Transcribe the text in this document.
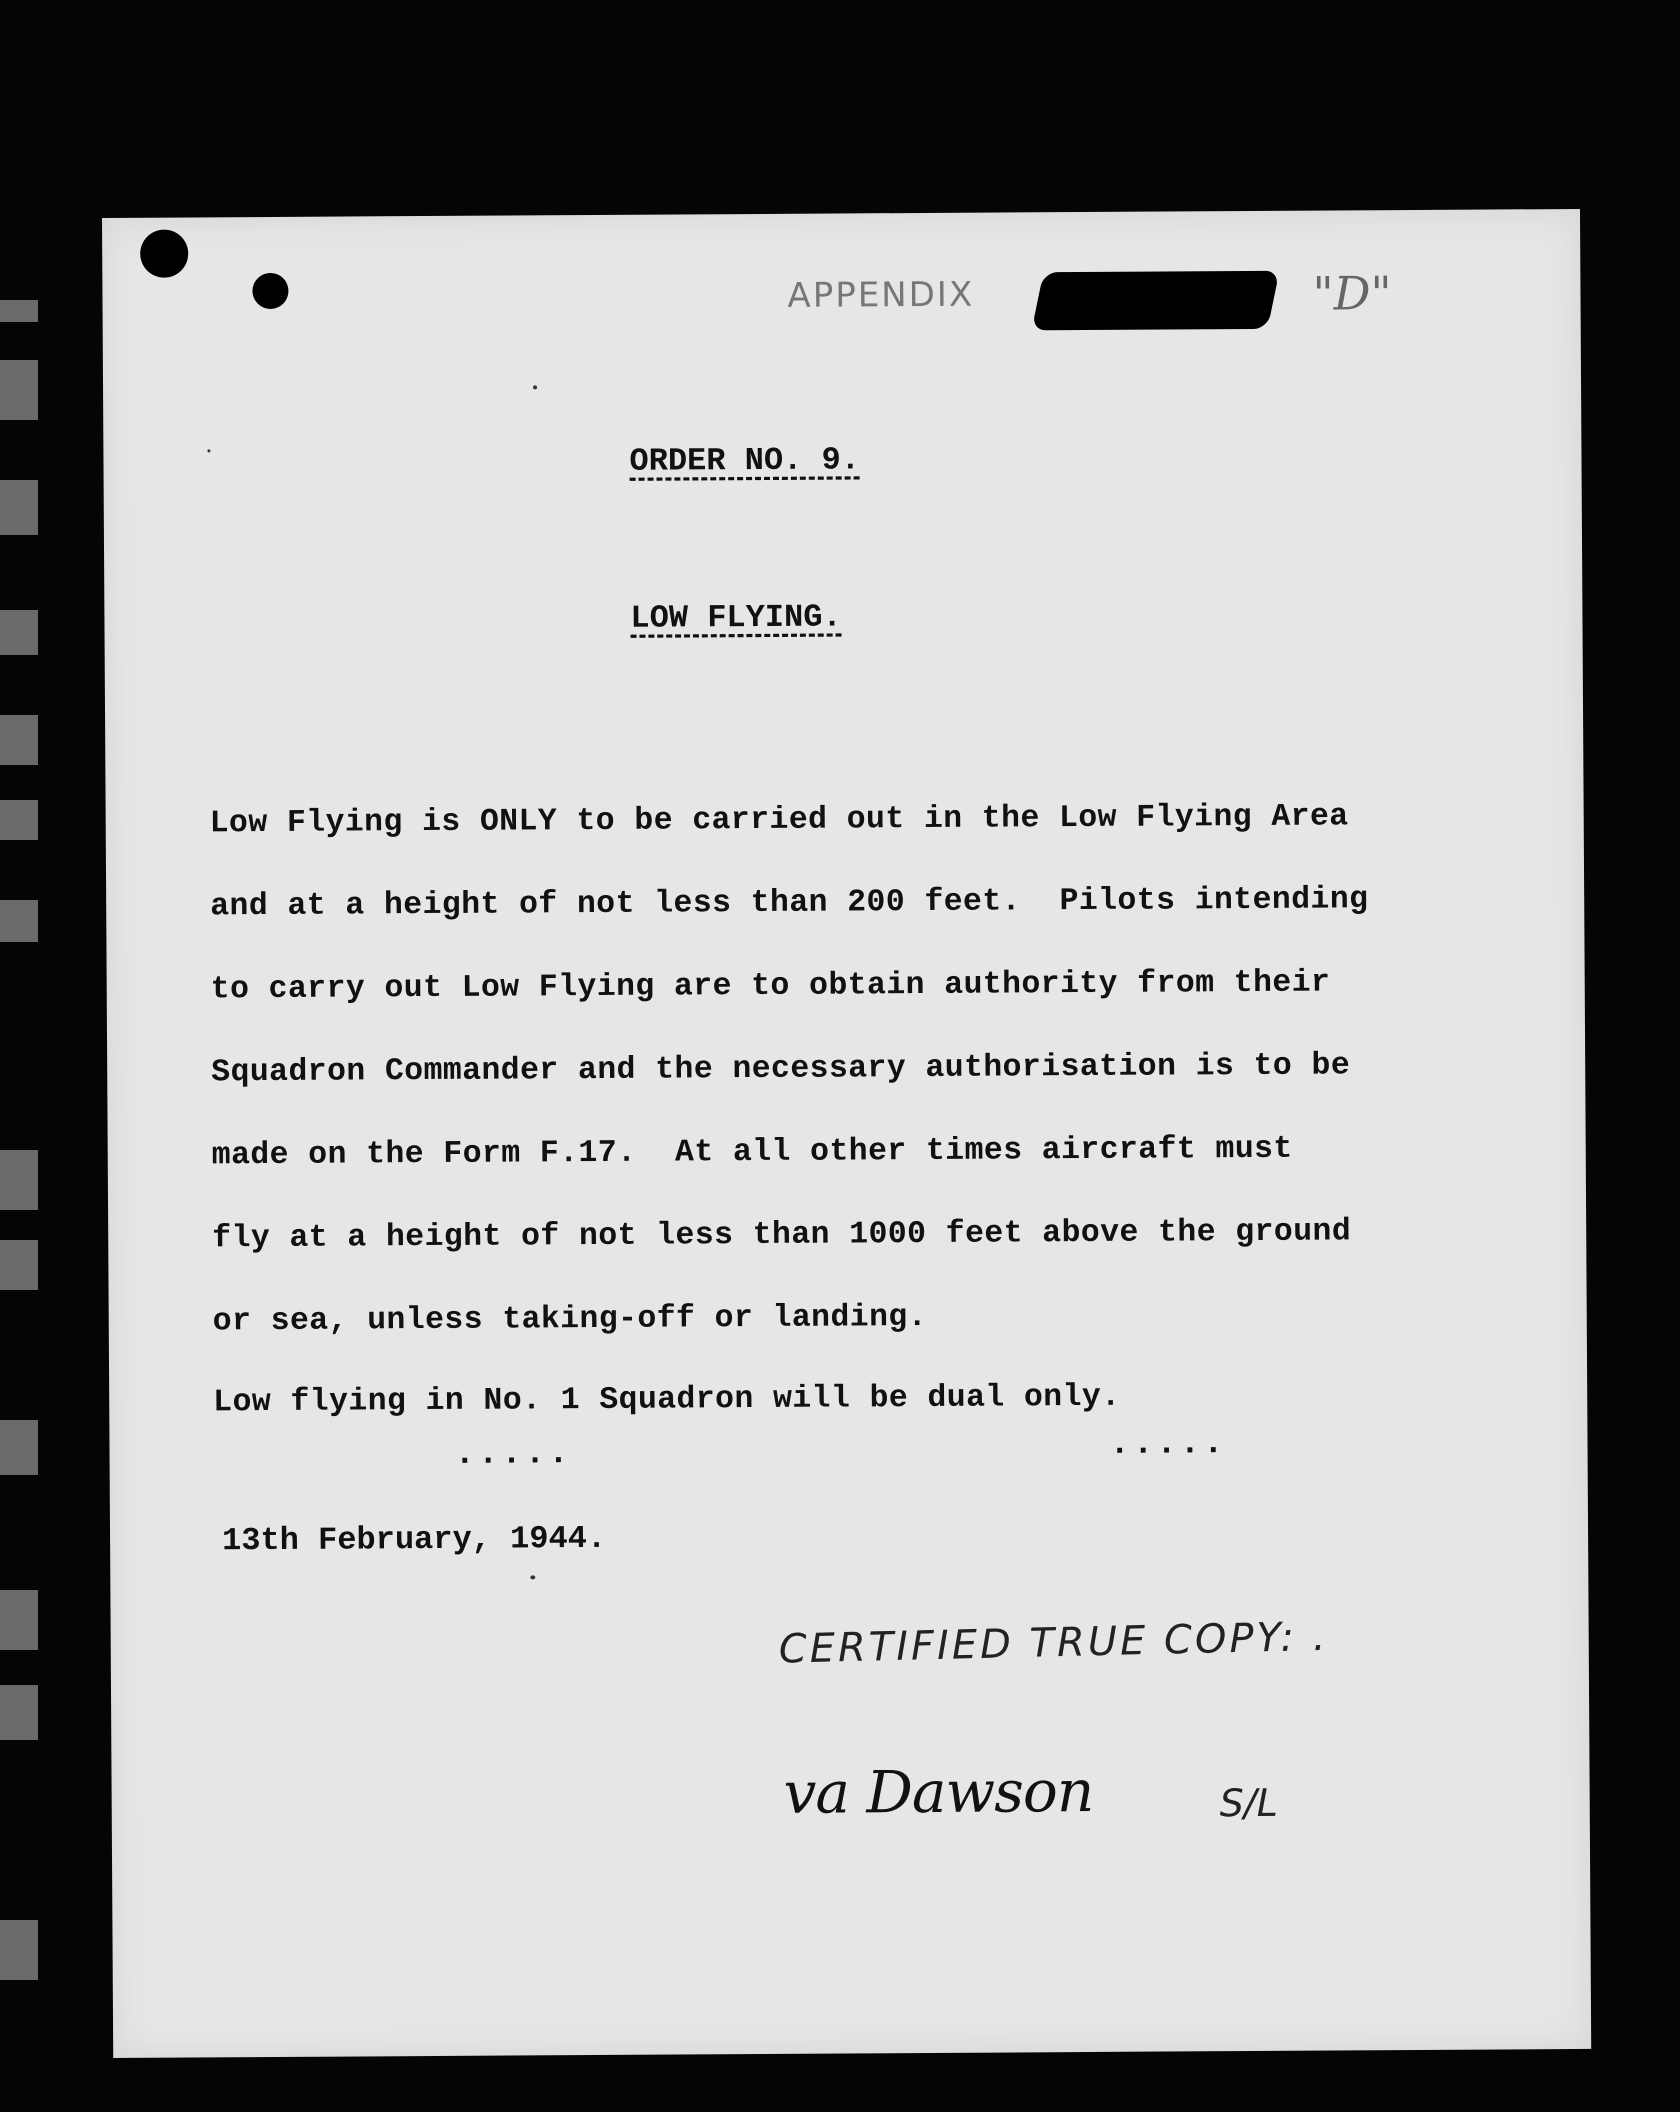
APPENDIX	"D"
ORDER NO. 9.
LOW FLYING.
Low Flying is ONLY to be carried out in the Low Flying Area
and at a height of not less than 200 feet.  Pilots intending
to carry out Low Flying are to obtain authority from their
Squadron Commander and the necessary authorisation is to be
made on the Form F.17.  At all other times aircraft must
fly at a height of not less than 1000 feet above the ground
or sea, unless taking-off or landing.
Low flying in No. 1 Squadron will be dual only.
.....	.....
13th February, 1944.
CERTIFIED TRUE COPY: .
va Dawson	S/L
